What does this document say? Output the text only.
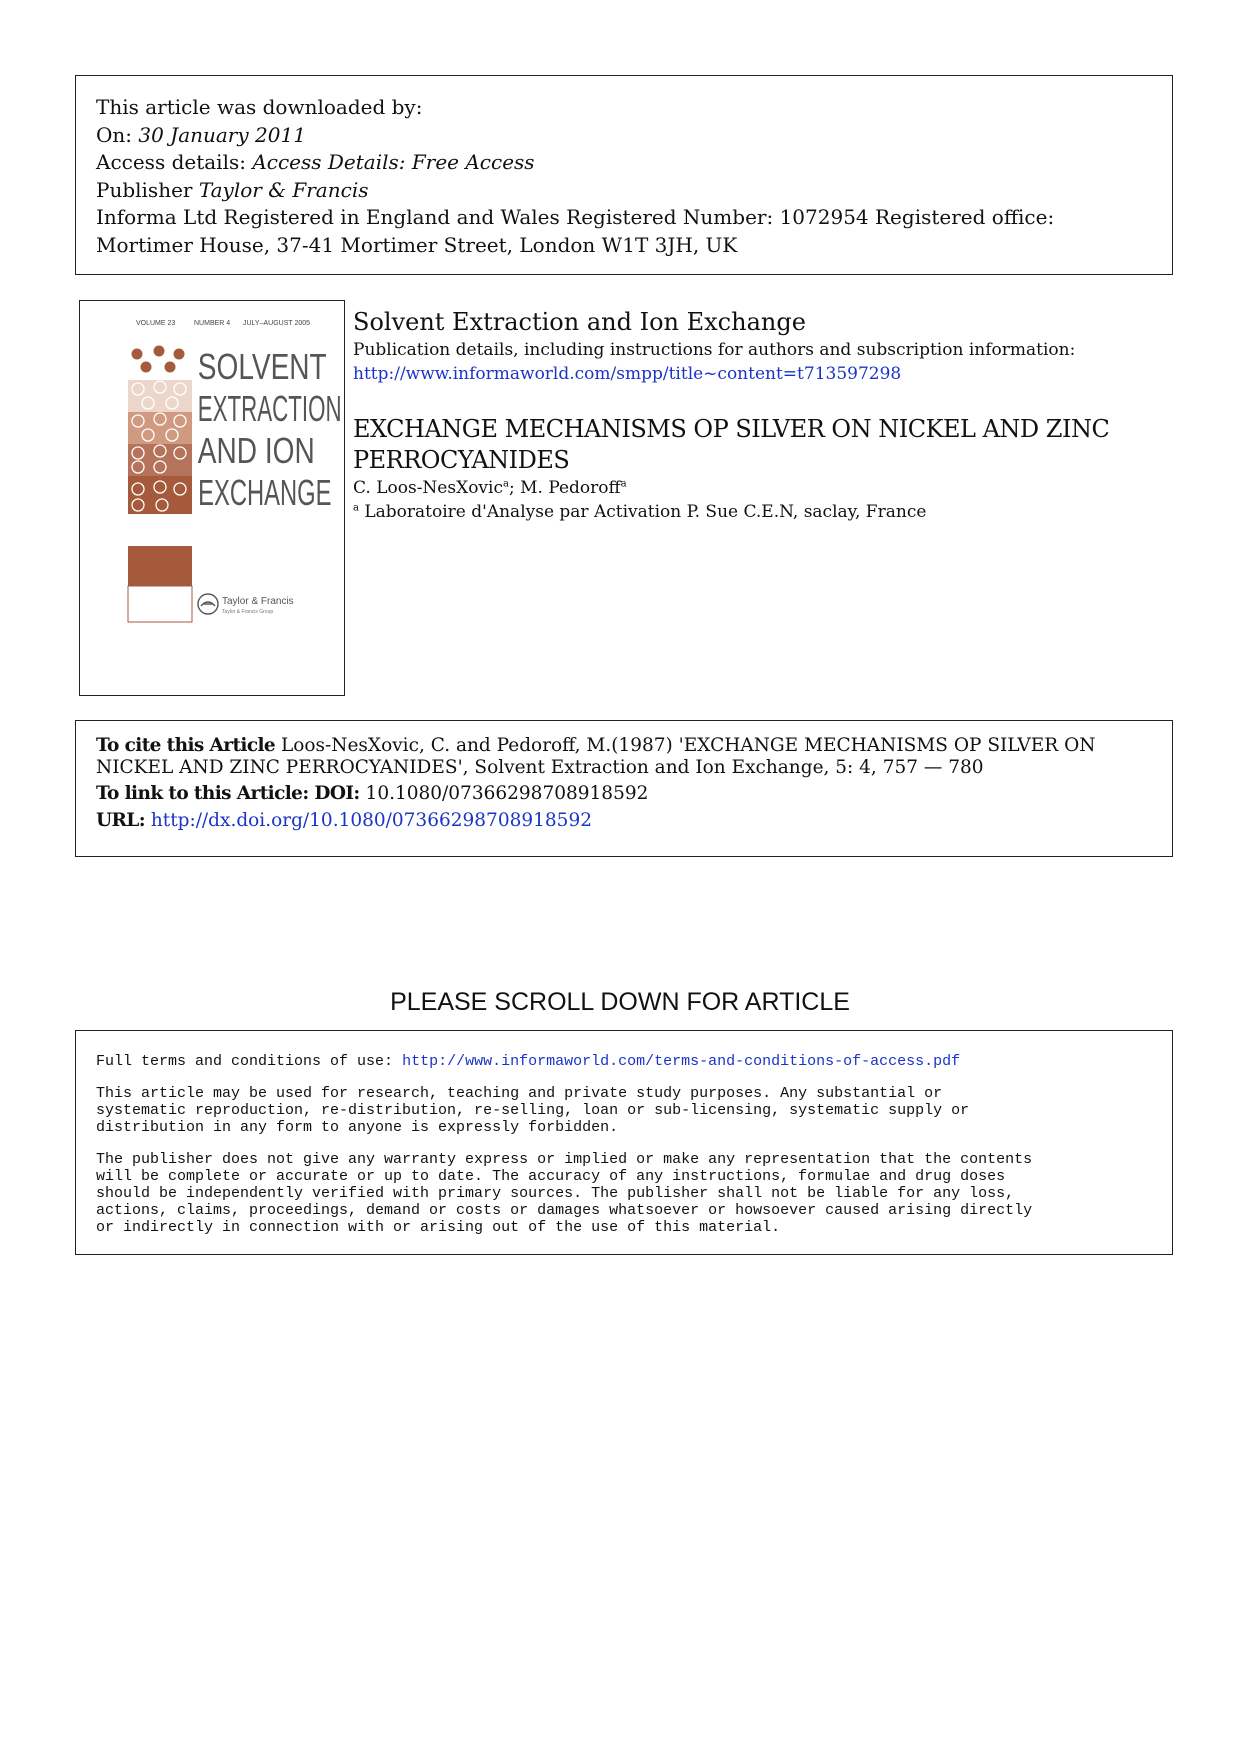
This article was downloaded by:
On: 30 January 2011
Access details: Access Details: Free Access
Publisher Taylor & Francis
Informa Ltd Registered in England and Wales Registered Number: 1072954 Registered office: Mortimer House, 37-41 Mortimer Street, London W1T 3JH, UK
VOLUME 23	NUMBER 4 JULY–AUGUST 2005
SOLVENT
EXTRACTION
AND ION
EXCHANGE
Taylor & Francis
Taylor & Francis Group
Solvent Extraction and Ion Exchange
Publication details, including instructions for authors and subscription information:
http://www.informaworld.com/smpp/title~content=t713597298
EXCHANGE MECHANISMS OP SILVER ON NICKEL AND ZINC PERROCYANIDES
C. Loos-NesXovic$^a$; M. Pedoroff$^a$
$^a$ Laboratoire d'Analyse par Activation P. Sue C.E.N, saclay, France
To cite this Article Loos-NesXovic, C. and Pedoroff, M.(1987) 'EXCHANGE MECHANISMS OP SILVER ON NICKEL AND ZINC PERROCYANIDES', Solvent Extraction and Ion Exchange, 5: 4, 757 — 780
To link to this Article: DOI: 10.1080/07366298708918592
URL: http://dx.doi.org/10.1080/07366298708918592
PLEASE SCROLL DOWN FOR ARTICLE

Full terms and conditions of use: http://www.informaworld.com/terms-and-conditions-of-access.pdf

This article may be used for research, teaching and private study purposes. Any substantial or
systematic reproduction, re-distribution, re-selling, loan or sub-licensing, systematic supply or
distribution in any form to anyone is expressly forbidden.

The publisher does not give any warranty express or implied or make any representation that the contents
will be complete or accurate or up to date. The accuracy of any instructions, formulae and drug doses
should be independently verified with primary sources. The publisher shall not be liable for any loss,
actions, claims, proceedings, demand or costs or damages whatsoever or howsoever caused arising directly
or indirectly in connection with or arising out of the use of this material.
